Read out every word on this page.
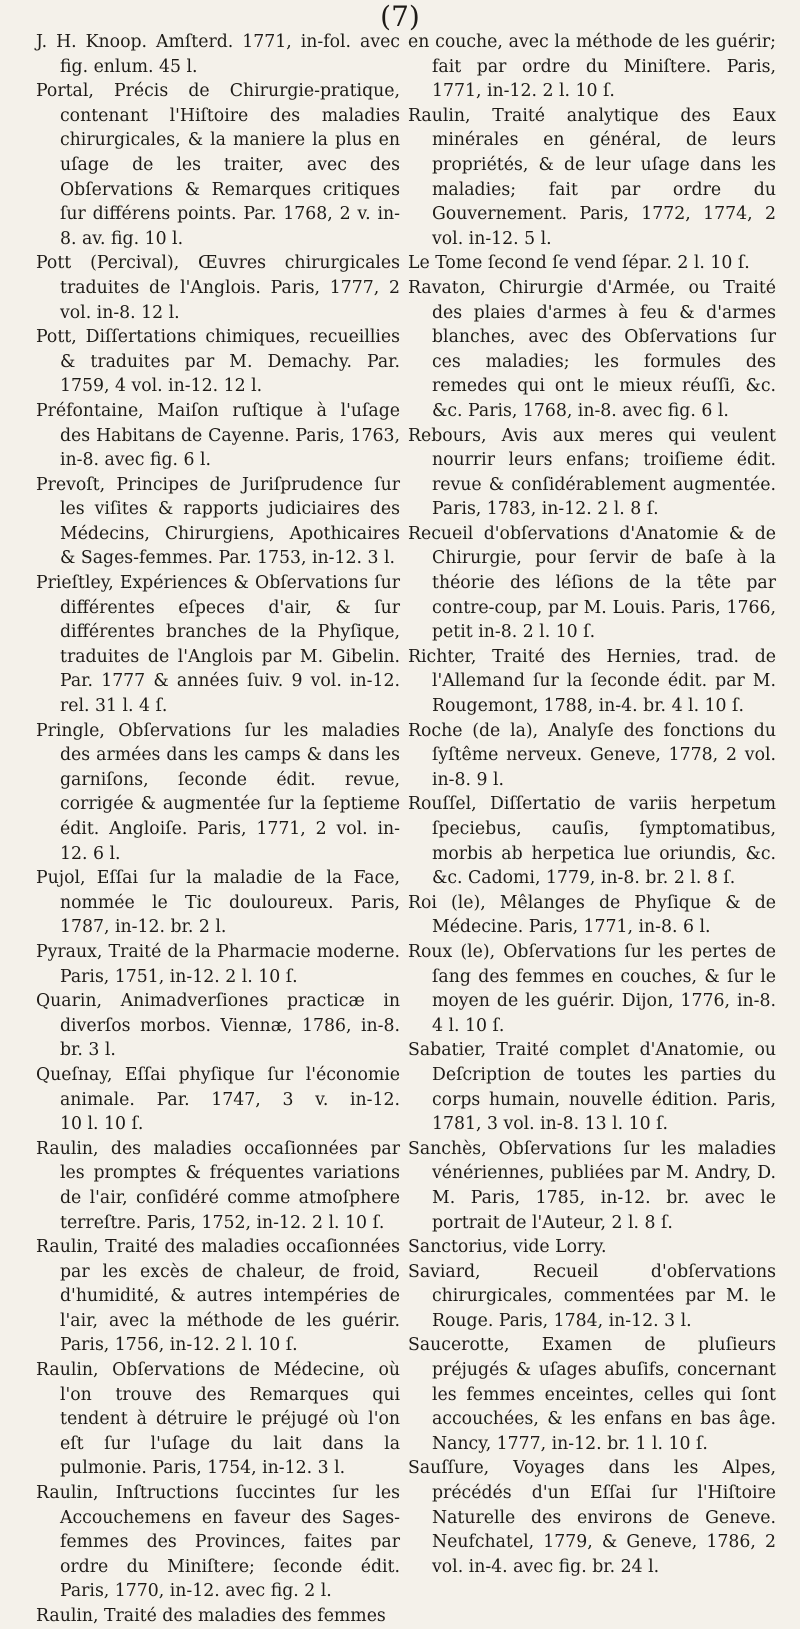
(7)
J. H. Knoop. Amſterd. 1771, in-fol. avec fig. enlum. 45 l.
Portal, Précis de Chirurgie-pratique, contenant l'Hiſtoire des maladies chirurgicales, & la maniere la plus en uſage de les traiter, avec des Obſervations & Remarques critiques ſur différens points. Par. 1768, 2 v. in-8. av. fig. 10 l.
Pott (Percival), Œuvres chirurgicales traduites de l'Anglois. Paris, 1777, 2 vol. in-8. 12 l.
Pott, Diſſertations chimiques, recueillies & traduites par M. Demachy. Par. 1759, 4 vol. in-12. 12 l.
Préfontaine, Maiſon ruſtique à l'uſage des Habitans de Cayenne. Paris, 1763, in-8. avec fig. 6 l.
Prevoſt, Principes de Juriſprudence ſur les viſites & rapports judiciaires des Médecins, Chirurgiens, Apothicaires & Sages-femmes. Par. 1753, in-12. 3 l.
Prieſtley, Expériences & Obſervations ſur différentes eſpeces d'air, & ſur différentes branches de la Phyſique, traduites de l'Anglois par M. Gibelin. Par. 1777 & années ſuiv. 9 vol. in-12. rel. 31 l. 4 ſ.
Pringle, Obſervations ſur les maladies des armées dans les camps & dans les garniſons, ſeconde édit. revue, corrigée & augmentée ſur la ſeptieme édit. Angloiſe. Paris, 1771, 2 vol. in-12. 6 l.
Pujol, Eſſai ſur la maladie de la Face, nommée le Tic douloureux. Paris, 1787, in-12. br. 2 l.
Pyraux, Traité de la Pharmacie moderne. Paris, 1751, in-12. 2 l. 10 ſ.
Quarin, Animadverſiones practicæ in diverſos morbos. Viennæ, 1786, in-8. br. 3 l.
Queſnay, Eſſai phyſique ſur l'économie animale. Par. 1747, 3 v. in-12. 10 l. 10 ſ.
Raulin, des maladies occaſionnées par les promptes & fréquentes variations de l'air, conſidéré comme atmoſphere terreſtre. Paris, 1752, in-12. 2 l. 10 ſ.
Raulin, Traité des maladies occaſionnées par les excès de chaleur, de froid, d'humidité, & autres intempéries de l'air, avec la méthode de les guérir. Paris, 1756, in-12. 2 l. 10 ſ.
Raulin, Obſervations de Médecine, où l'on trouve des Remarques qui tendent à détruire le préjugé où l'on eſt ſur l'uſage du lait dans la pulmonie. Paris, 1754, in-12. 3 l.
Raulin, Inſtructions ſuccintes ſur les Accouchemens en faveur des Sages-femmes des Provinces, faites par ordre du Miniſtere; ſeconde édit. Paris, 1770, in-12. avec fig. 2 l.
Raulin, Traité des maladies des femmes
en couche, avec la méthode de les guérir; fait par ordre du Miniſtere. Paris, 1771, in-12. 2 l. 10 ſ.
Raulin, Traité analytique des Eaux minérales en général, de leurs propriétés, & de leur uſage dans les maladies; fait par ordre du Gouvernement. Paris, 1772, 1774, 2 vol. in-12. 5 l.
Le Tome ſecond ſe vend ſépar. 2 l. 10 ſ.
Ravaton, Chirurgie d'Armée, ou Traité des plaies d'armes à feu & d'armes blanches, avec des Obſervations ſur ces maladies; les formules des remedes qui ont le mieux réuſſi, &c. &c. Paris, 1768, in-8. avec fig. 6 l.
Rebours, Avis aux meres qui veulent nourrir leurs enfans; troiſieme édit. revue & conſidérablement augmentée. Paris, 1783, in-12. 2 l. 8 ſ.
Recueil d'obſervations d'Anatomie & de Chirurgie, pour ſervir de baſe à la théorie des léſions de la tête par contre-coup, par M. Louis. Paris, 1766, petit in-8. 2 l. 10 ſ.
Richter, Traité des Hernies, trad. de l'Allemand ſur la ſeconde édit. par M. Rougemont, 1788, in-4. br. 4 l. 10 ſ.
Roche (de la), Analyſe des fonctions du ſyſtême nerveux. Geneve, 1778, 2 vol. in-8. 9 l.
Rouſſel, Diſſertatio de variis herpetum ſpeciebus, cauſis, ſymptomatibus, morbis ab herpetica lue oriundis, &c. &c. Cadomi, 1779, in-8. br. 2 l. 8 ſ.
Roi (le), Mêlanges de Phyſique & de Médecine. Paris, 1771, in-8. 6 l.
Roux (le), Obſervations ſur les pertes de ſang des femmes en couches, & ſur le moyen de les guérir. Dijon, 1776, in-8. 4 l. 10 ſ.
Sabatier, Traité complet d'Anatomie, ou Deſcription de toutes les parties du corps humain, nouvelle édition. Paris, 1781, 3 vol. in-8. 13 l. 10 ſ.
Sanchès, Obſervations ſur les maladies vénériennes, publiées par M. Andry, D. M. Paris, 1785, in-12. br. avec le portrait de l'Auteur, 2 l. 8 ſ.
Sanctorius, vide Lorry.
Saviard, Recueil d'obſervations chirurgicales, commentées par M. le Rouge. Paris, 1784, in-12. 3 l.
Saucerotte, Examen de pluſieurs préjugés & uſages abuſifs, concernant les femmes enceintes, celles qui ſont accouchées, & les enfans en bas âge. Nancy, 1777, in-12. br. 1 l. 10 ſ.
Sauſſure, Voyages dans les Alpes, précédés d'un Eſſai ſur l'Hiſtoire Naturelle des environs de Geneve. Neufchatel, 1779, & Geneve, 1786, 2 vol. in-4. avec fig. br. 24 l.
